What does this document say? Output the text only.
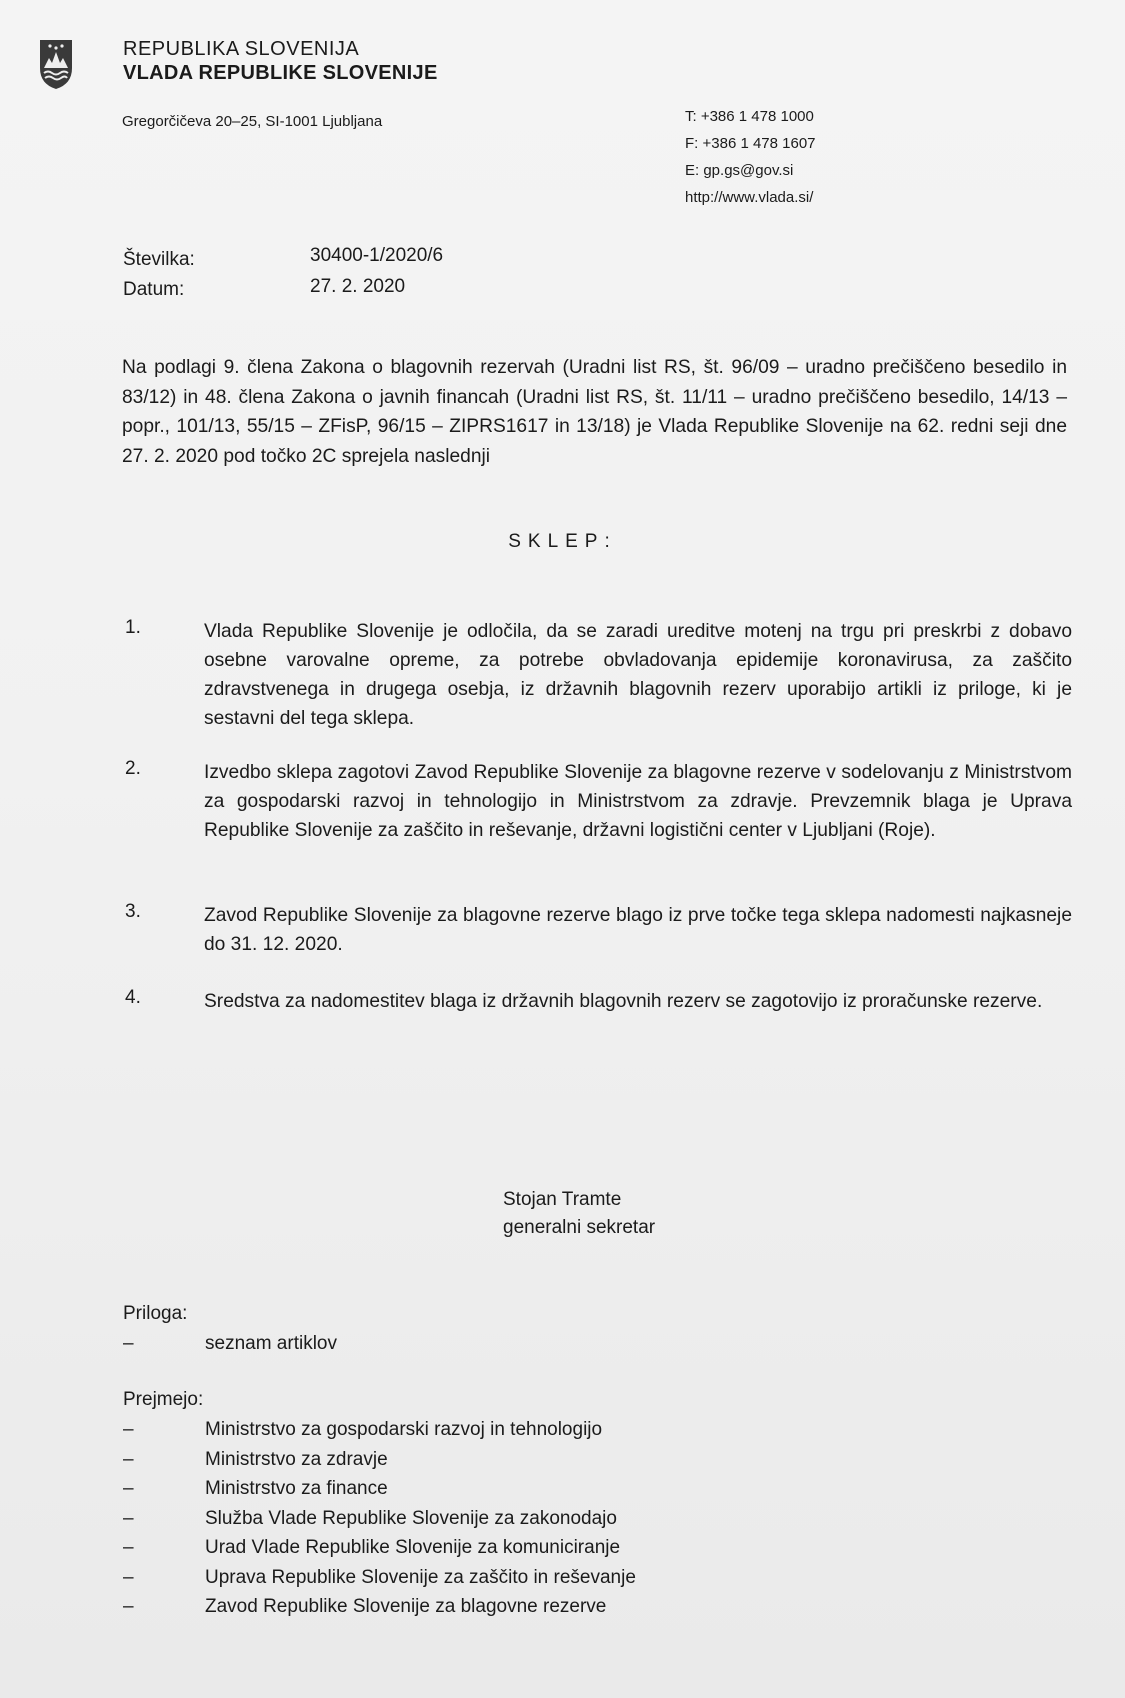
REPUBLIKA SLOVENIJA
VLADA REPUBLIKE SLOVENIJE
Gregorčičeva 20–25, SI-1001 Ljubljana	T: +386 1 478 1000
F: +386 1 478 1607
E: gp.gs@gov.si
http://www.vlada.si/
Številka:	30400-1/2020/6
Datum:	27. 2. 2020
Na podlagi 9. člena Zakona o blagovnih rezervah (Uradni list RS, št. 96/09 – uradno prečiščeno besedilo in 83/12) in 48. člena Zakona o javnih financah (Uradni list RS, št. 11/11 – uradno prečiščeno besedilo, 14/13 – popr., 101/13, 55/15 – ZFisP, 96/15 – ZIPRS1617 in 13/18) je Vlada Republike Slovenije na 62. redni seji dne 27. 2. 2020 pod točko 2C sprejela naslednji
SKLEP:
1.	Vlada Republike Slovenije je odločila, da se zaradi ureditve motenj na trgu pri preskrbi z dobavo osebne varovalne opreme, za potrebe obvladovanja epidemije koronavirusa, za zaščito zdravstvenega in drugega osebja, iz državnih blagovnih rezerv uporabijo artikli iz priloge, ki je sestavni del tega sklepa.
2.	Izvedbo sklepa zagotovi Zavod Republike Slovenije za blagovne rezerve v sodelovanju z Ministrstvom za gospodarski razvoj in tehnologijo in Ministrstvom za zdravje. Prevzemnik blaga je Uprava Republike Slovenije za zaščito in reševanje, državni logistični center v Ljubljani (Roje).
3.	Zavod Republike Slovenije za blagovne rezerve blago iz prve točke tega sklepa nadomesti najkasneje do 31. 12. 2020.
4.	Sredstva za nadomestitev blaga iz državnih blagovnih rezerv se zagotovijo iz proračunske rezerve.
Stojan Tramte
generalni sekretar
Priloga:
–	seznam artiklov
Prejmejo:
–	Ministrstvo za gospodarski razvoj in tehnologijo
–	Ministrstvo za zdravje
–	Ministrstvo za finance
–	Služba Vlade Republike Slovenije za zakonodajo
–	Urad Vlade Republike Slovenije za komuniciranje
–	Uprava Republike Slovenije za zaščito in reševanje
–	Zavod Republike Slovenije za blagovne rezerve
